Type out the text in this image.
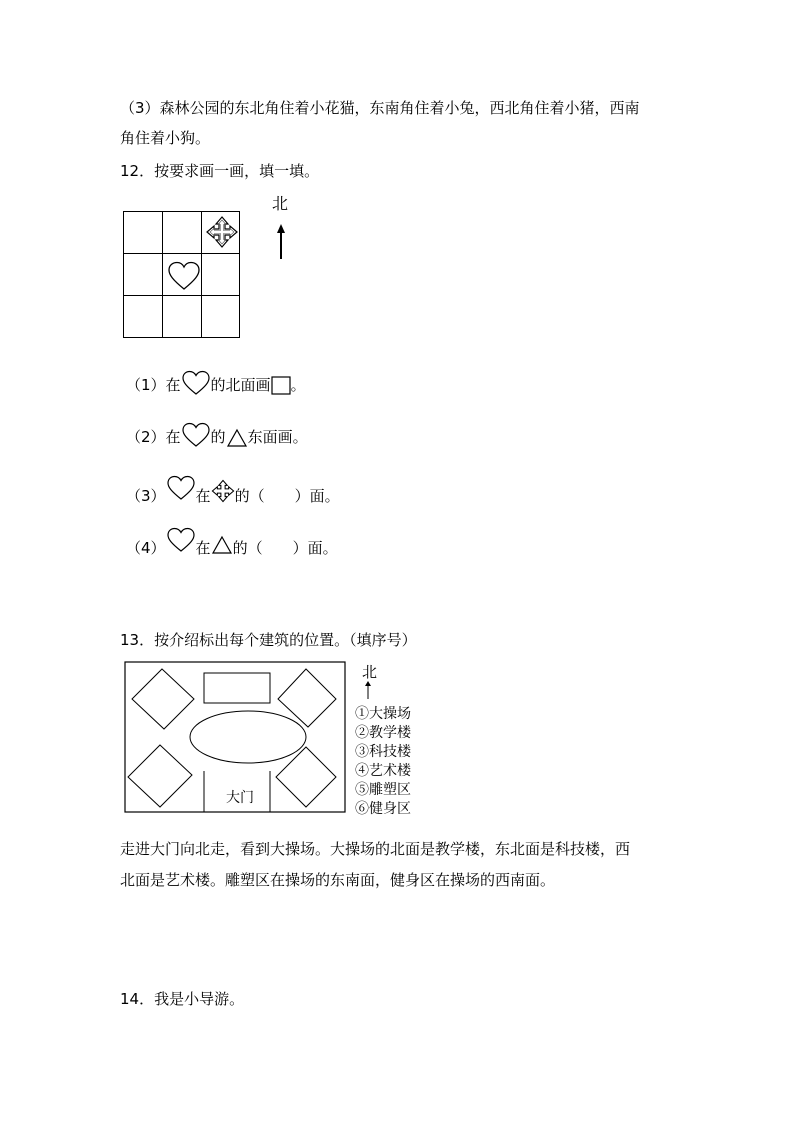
（3）森林公园的东北角住着小花猫，东南角住着小兔，西北角住着小猪，西南
角住着小狗。
12．按要求画一画，填一填。
北
（1）在 的北面画 。
（2）在 的 东面画。
（3） 在 的（　　）面。
（4） 在 的（　　）面。
13．按介绍标出每个建筑的位置。（填序号）
大门
北
①大操场
②教学楼
③科技楼
④艺术楼
⑤雕塑区
⑥健身区
走进大门向北走，看到大操场。大操场的北面是教学楼，东北面是科技楼，西
北面是艺术楼。雕塑区在操场的东南面，健身区在操场的西南面。
14．我是小导游。
